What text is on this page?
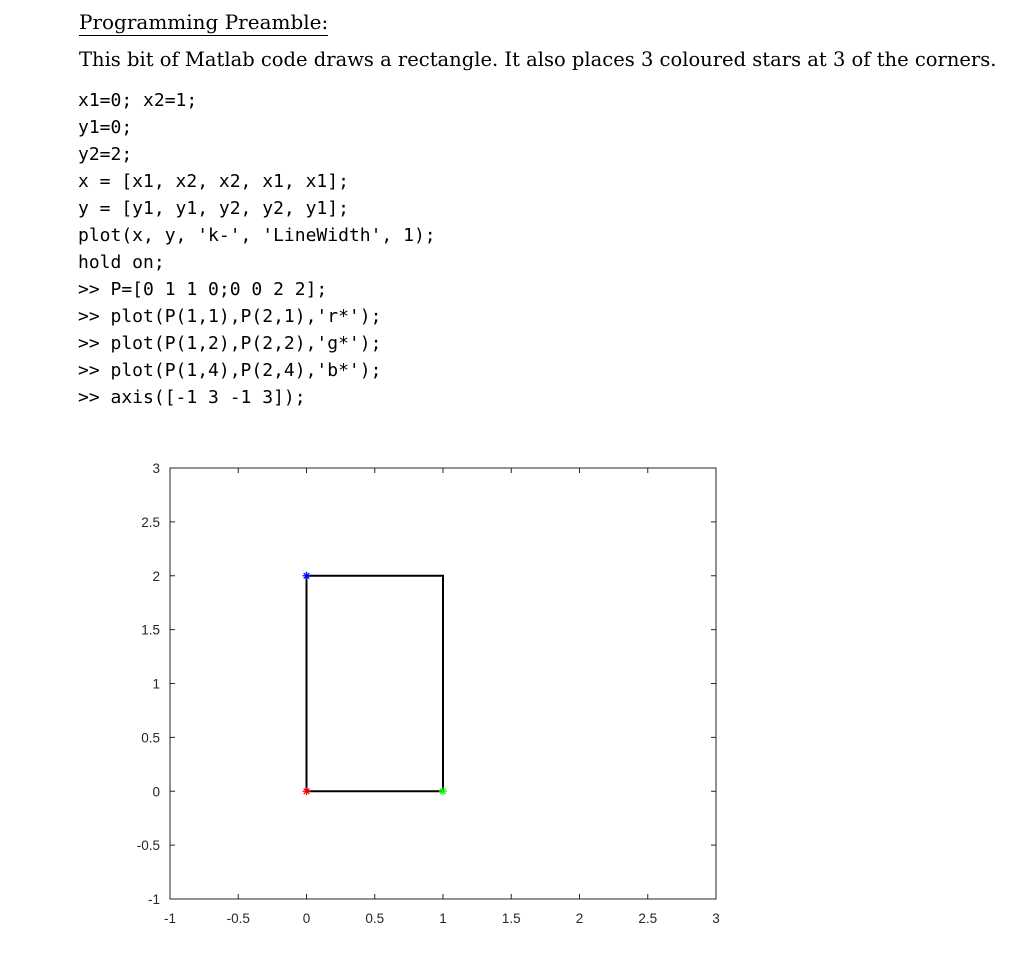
Programming Preamble:
This bit of Matlab code draws a rectangle. It also places 3 coloured stars at 3 of the corners.
x1=0; x2=1;
y1=0;
y2=2;
x = [x1, x2, x2, x1, x1];
y = [y1, y1, y2, y2, y1];
plot(x, y, 'k-', 'LineWidth', 1);
hold on;
>> P=[0 1 1 0;0 0 2 2];
>> plot(P(1,1),P(2,1),'r*');
>> plot(P(1,2),P(2,2),'g*');
>> plot(P(1,4),P(2,4),'b*');
>> axis([-1 3 -1 3]);
-1	-0.5	0	0.5	1	1.5	2	2.5	3
-1
-0.5
0
0.5
1
1.5
2
2.5
3
